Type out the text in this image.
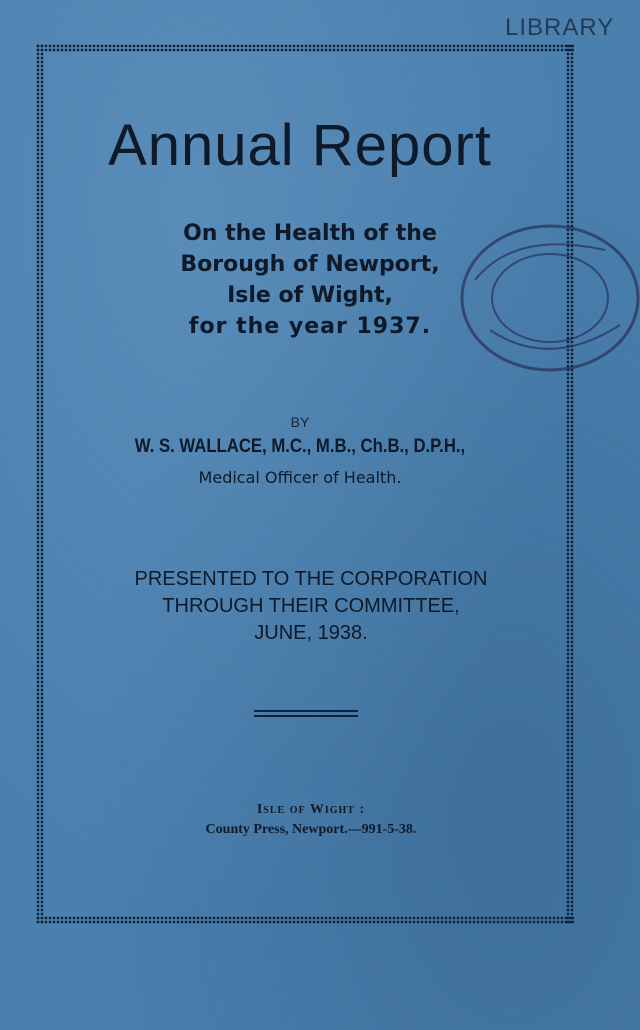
LIBRARY
Annual Report
On the Health of the
Borough of Newport,
Isle of Wight,
for the year 1937.
BY
W. S. WALLACE, M.C., M.B., Ch.B., D.P.H.,
Medical Officer of Health.
PRESENTED TO THE CORPORATION
THROUGH THEIR COMMITTEE,
JUNE, 1938.
Isle of Wight :
County Press, Newport.—991-5-38.
